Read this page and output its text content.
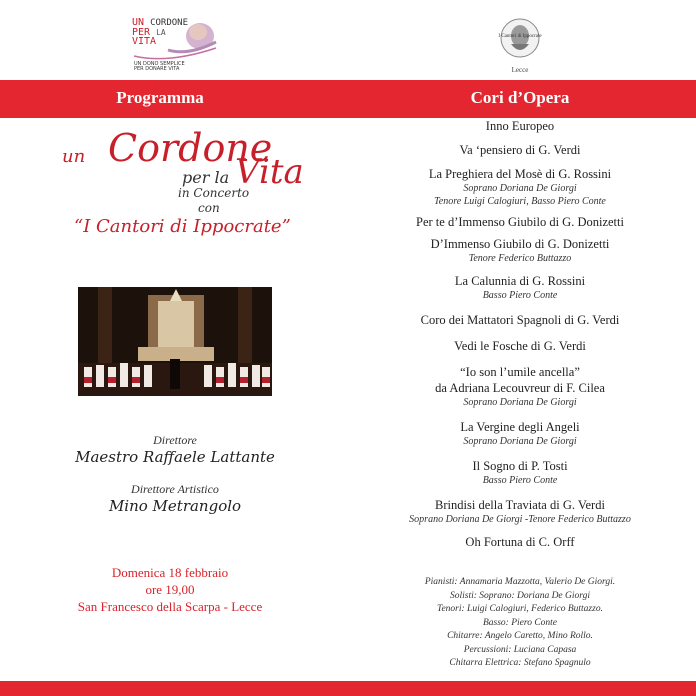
UN CORDONE
PER LA
VITA
UN DONO SEMPLICE PER DONARE VITA
I Cantori di Ippocrate
Lecce
Programma	Cori d’Opera
un Cordone
per la Vita
in Concerto
con
“I Cantori di Ippocrate”
Direttore
Maestro Raffaele Lattante
Direttore Artistico
Mino Metrangolo
Domenica 18 febbraio
ore 19,00
San Francesco della Scarpa - Lecce
Inno Europeo
Va ‘pensiero di G. Verdi
La Preghiera del Mosè di G. Rossini
Soprano Doriana De Giorgi
Tenore Luigi Calogiuri, Basso Piero Conte
Per te d’Immenso Giubilo di G. Donizetti
D’Immenso Giubilo di G. Donizetti
Tenore Federico Buttazzo
La Calunnia di G. Rossini
Basso Piero Conte
Coro dei Mattatori Spagnoli di G. Verdi
Vedi le Fosche di G. Verdi
“Io son l’umile ancella”
da Adriana Lecouvreur di F. Cilea
Soprano Doriana De Giorgi
La Vergine degli Angeli
Soprano Doriana De Giorgi
Il Sogno di P. Tosti
Basso Piero Conte
Brindisi della Traviata di G. Verdi
Soprano Doriana De Giorgi -Tenore Federico Buttazzo
Oh Fortuna di C. Orff
Pianisti: Annamaria Mazzotta, Valerio De Giorgi.
Solisti: Soprano: Doriana De Giorgi
Tenori: Luigi Calogiuri, Federico Buttazzo.
Basso: Piero Conte
Chitarre: Angelo Caretto, Mino Rollo.
Percussioni: Luciana Capasa
Chitarra Elettrica: Stefano Spagnulo
